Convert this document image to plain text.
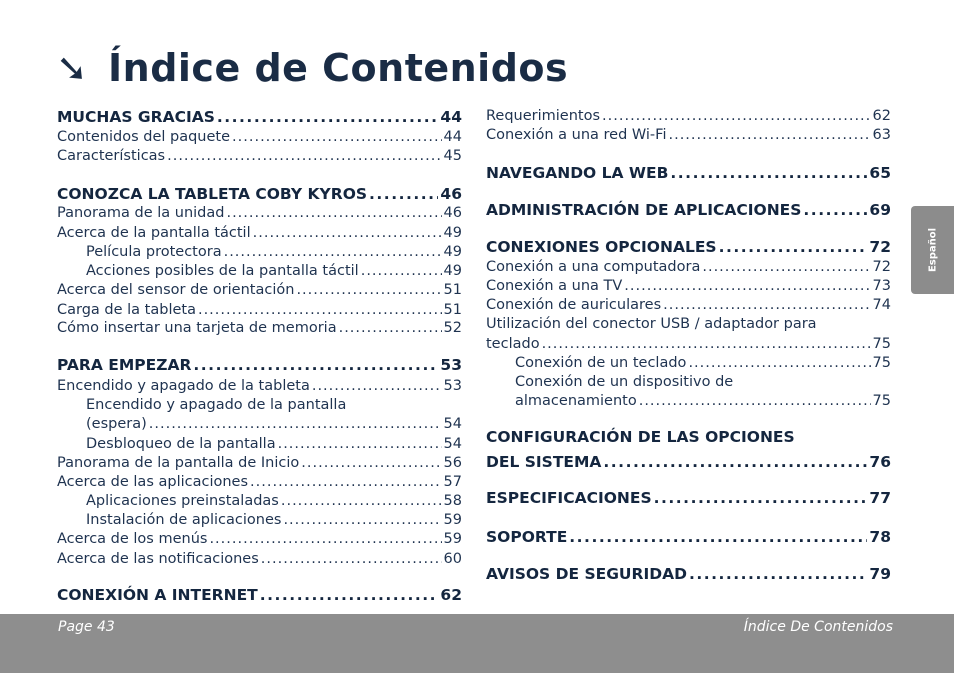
➘ Índice de Contenidos
MUCHAS GRACIAS .....	44
Contenidos del paquete .....	44
Características .....	45
CONOZCA LA TABLETA COBY KYROS .....	46
Panorama de la unidad .....	46
Acerca de la pantalla táctil .....	49
Película protectora .....	49
Acciones posibles de la pantalla táctil .....	49
Acerca del sensor de orientación .....	51
Carga de la tableta .....	51
Cómo insertar una tarjeta de memoria .....	52
PARA EMPEZAR .....	53
Encendido y apagado de la tableta .....	53
Encendido y apagado de la pantalla
(espera) .....	54
Desbloqueo de la pantalla .....	54
Panorama de la pantalla de Inicio .....	56
Acerca de las aplicaciones .....	57
Aplicaciones preinstaladas .....	58
Instalación de aplicaciones .....	59
Acerca de los menús .....	59
Acerca de las notificaciones .....	60
CONEXIÓN A INTERNET .....	62
Requerimientos .....	62
Conexión a una red Wi-Fi .....	63
NAVEGANDO LA WEB .....	65
ADMINISTRACIÓN DE APLICACIONES .....	69
CONEXIONES OPCIONALES .....	72
Conexión a una computadora .....	72
Conexión a una TV .....	73
Conexión de auriculares .....	74
Utilización del conector USB / adaptador para
teclado .....	75
Conexión de un teclado .....	75
Conexión de un dispositivo de
almacenamiento .....	75
CONFIGURACIÓN DE LAS OPCIONES
DEL SISTEMA .....	76
ESPECIFICACIONES .....	77
SOPORTE .....	78
AVISOS DE SEGURIDAD .....	79
Español
Page 43	Índice De Contenidos
